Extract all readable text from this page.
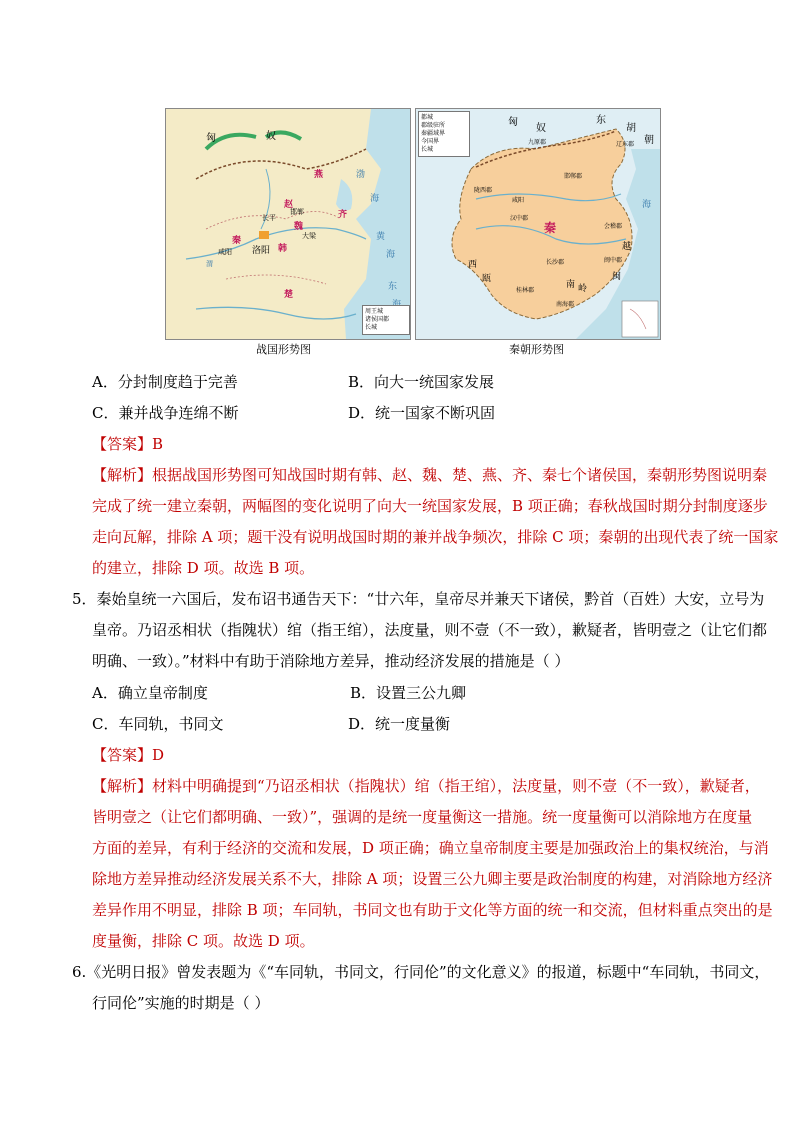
匈	奴
燕
赵
齐
魏
秦
韩
楚
长平
洛阳
邯郸
大梁
咸阳
渭
渤
海
黄
海
东
周王城
诸侯国都
长城
战国形势图
都城
郡级驻所
秦疆域界
今国界
长城
匈
奴
东
胡
朝
秦
越
南 岭
西
瓯	闽
九原郡	辽东郡
咸阳
陇西郡
汉中郡
会稽郡
长沙郡
桂林郡
南海郡
闽中郡
邯郸郡
海
秦朝形势图
A．分封制度趋于完善	B．向大一统国家发展
C．兼并战争连绵不断	D．统一国家不断巩固
【答案】B
【解析】根据战国形势图可知战国时期有韩、赵、魏、楚、燕、齐、秦七个诸侯国，秦朝形势图说明秦
完成了统一建立秦朝，两幅图的变化说明了向大一统国家发展，B 项正确；春秋战国时期分封制度逐步
走向瓦解，排除 A 项；题干没有说明战国时期的兼并战争频次，排除 C 项；秦朝的出现代表了统一国家
的建立，排除 D 项。故选 B 项。
5．秦始皇统一六国后，发布诏书通告天下：“廿六年，皇帝尽并兼天下诸侯，黔首（百姓）大安，立号为
皇帝。乃诏丞相状（指隗状）绾（指王绾），法度量，则不壹（不一致），歉疑者，皆明壹之（让它们都
明确、一致）。”材料中有助于消除地方差异，推动经济发展的措施是（ ）
A．确立皇帝制度	B．设置三公九卿
C．车同轨，书同文	D．统一度量衡
【答案】D
【解析】材料中明确提到“乃诏丞相状（指隗状）绾（指王绾），法度量，则不壹（不一致），歉疑者，
皆明壹之（让它们都明确、一致）”，强调的是统一度量衡这一措施。统一度量衡可以消除地方在度量
方面的差异，有利于经济的交流和发展，D 项正确；确立皇帝制度主要是加强政治上的集权统治，与消
除地方差异推动经济发展关系不大，排除 A 项；设置三公九卿主要是政治制度的构建，对消除地方经济
差异作用不明显，排除 B 项；车同轨，书同文也有助于文化等方面的统一和交流，但材料重点突出的是
度量衡，排除 C 项。故选 D 项。
6.《光明日报》曾发表题为《“车同轨，书同文，行同伦”的文化意义》的报道，标题中“车同轨，书同文，
行同伦”实施的时期是（ ）
